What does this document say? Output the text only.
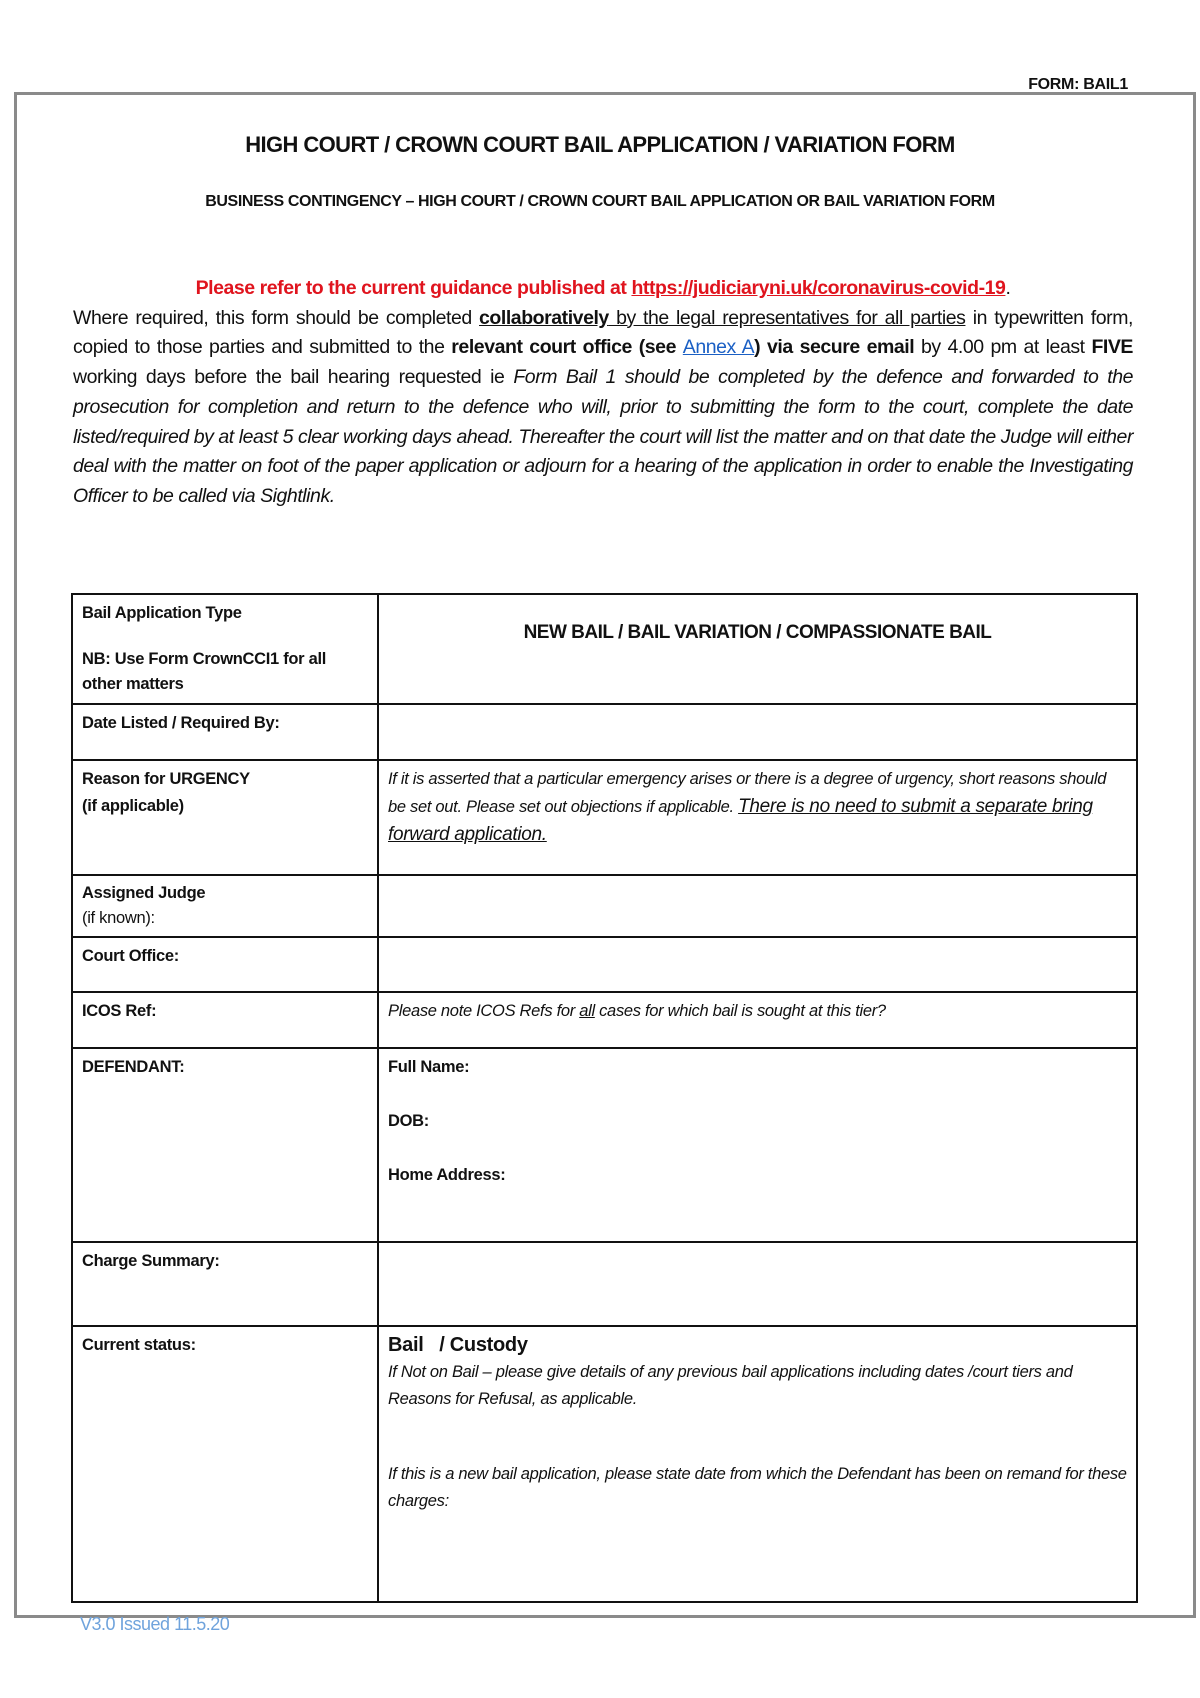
FORM: BAIL1
HIGH COURT / CROWN COURT BAIL APPLICATION / VARIATION FORM
BUSINESS CONTINGENCY – HIGH COURT / CROWN COURT BAIL APPLICATION OR BAIL VARIATION FORM
Please refer to the current guidance published at https://judiciaryni.uk/coronavirus-covid-19.
Where required, this form should be completed collaboratively by the legal representatives for all parties in typewritten form, copied to those parties and submitted to the relevant court office (see Annex A) via secure email by 4.00 pm at least FIVE working days before the bail hearing requested ie Form Bail 1 should be completed by the defence and forwarded to the prosecution for completion and return to the defence who will, prior to submitting the form to the court, complete the date listed/required by at least 5 clear working days ahead. Thereafter the court will list the matter and on that date the Judge will either deal with the matter on foot of the paper application or adjourn for a hearing of the application in order to enable the Investigating Officer to be called via Sightlink.
Bail Application Type
NB: Use Form CrownCCI1 for all other matters	NEW BAIL / BAIL VARIATION / COMPASSIONATE BAIL
Date Listed / Required By:	

Reason for URGENCY
(if applicable)	If it is asserted that a particular emergency arises or there is a degree of urgency, short reasons should be set out. Please set out objections if applicable. There is no need to submit a separate bring forward application.

Assigned Judge
(if known):	

Court Office:	
ICOS Ref:	Please note ICOS Refs for all cases for which bail is sought at this tier?
DEFENDANT:	Full Name:
DOB:
Home Address:

Charge Summary:	
Current status:	Bail   / Custody
If Not on Bail – please give details of any previous bail applications including dates /court tiers and Reasons for Refusal, as applicable.
If this is a new bail application, please state date from which the Defendant has been on remand for these charges:
V3.0 Issued 11.5.20
